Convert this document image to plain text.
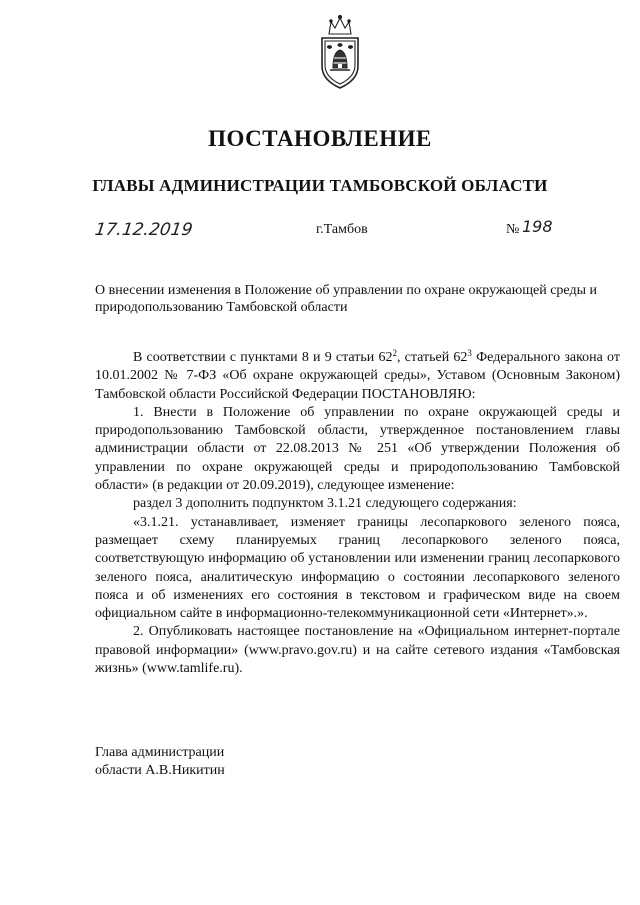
ПОСТАНОВЛЕНИЕ
ГЛАВЫ АДМИНИСТРАЦИИ ТАМБОВСКОЙ ОБЛАСТИ
17.12.2019	г.Тамбов	№ 198
О внесении изменения в Положение об управлении по охране окружающей среды и природопользованию Тамбовской области

В соответствии с пунктами 8 и 9 статьи $62^2$, статьей $62^3$ Федерального закона от 10.01.2002 № 7-ФЗ «Об охране окружающей среды», Уставом (Основным Законом) Тамбовской области Российской Федерации ПОСТАНОВЛЯЮ:

1. Внести в Положение об управлении по охране окружающей среды и природопользованию Тамбовской области, утвержденное постановлением главы администрации области от 22.08.2013 № 251 «Об утверждении Положения об управлении по охране окружающей среды и природопользованию Тамбовской области» (в редакции от 20.09.2019), следующее изменение:

раздел 3 дополнить подпунктом 3.1.21 следующего содержания:

«3.1.21. устанавливает, изменяет границы лесопаркового зеленого пояса, размещает схему планируемых границ лесопаркового зеленого пояса, соответствующую информацию об установлении или изменении границ лесопаркового зеленого пояса, аналитическую информацию о состоянии лесопаркового зеленого пояса и об изменениях его состояния в текстовом и графическом виде на своем официальном сайте в информационно-телекоммуникационной сети «Интернет».».

2. Опубликовать настоящее постановление на «Официальном интернет-портале правовой информации» (www.pravo.gov.ru) и на сайте сетевого издания «Тамбовская жизнь» (www.tamlife.ru).

Глава администрации
области А.В.Никитин
